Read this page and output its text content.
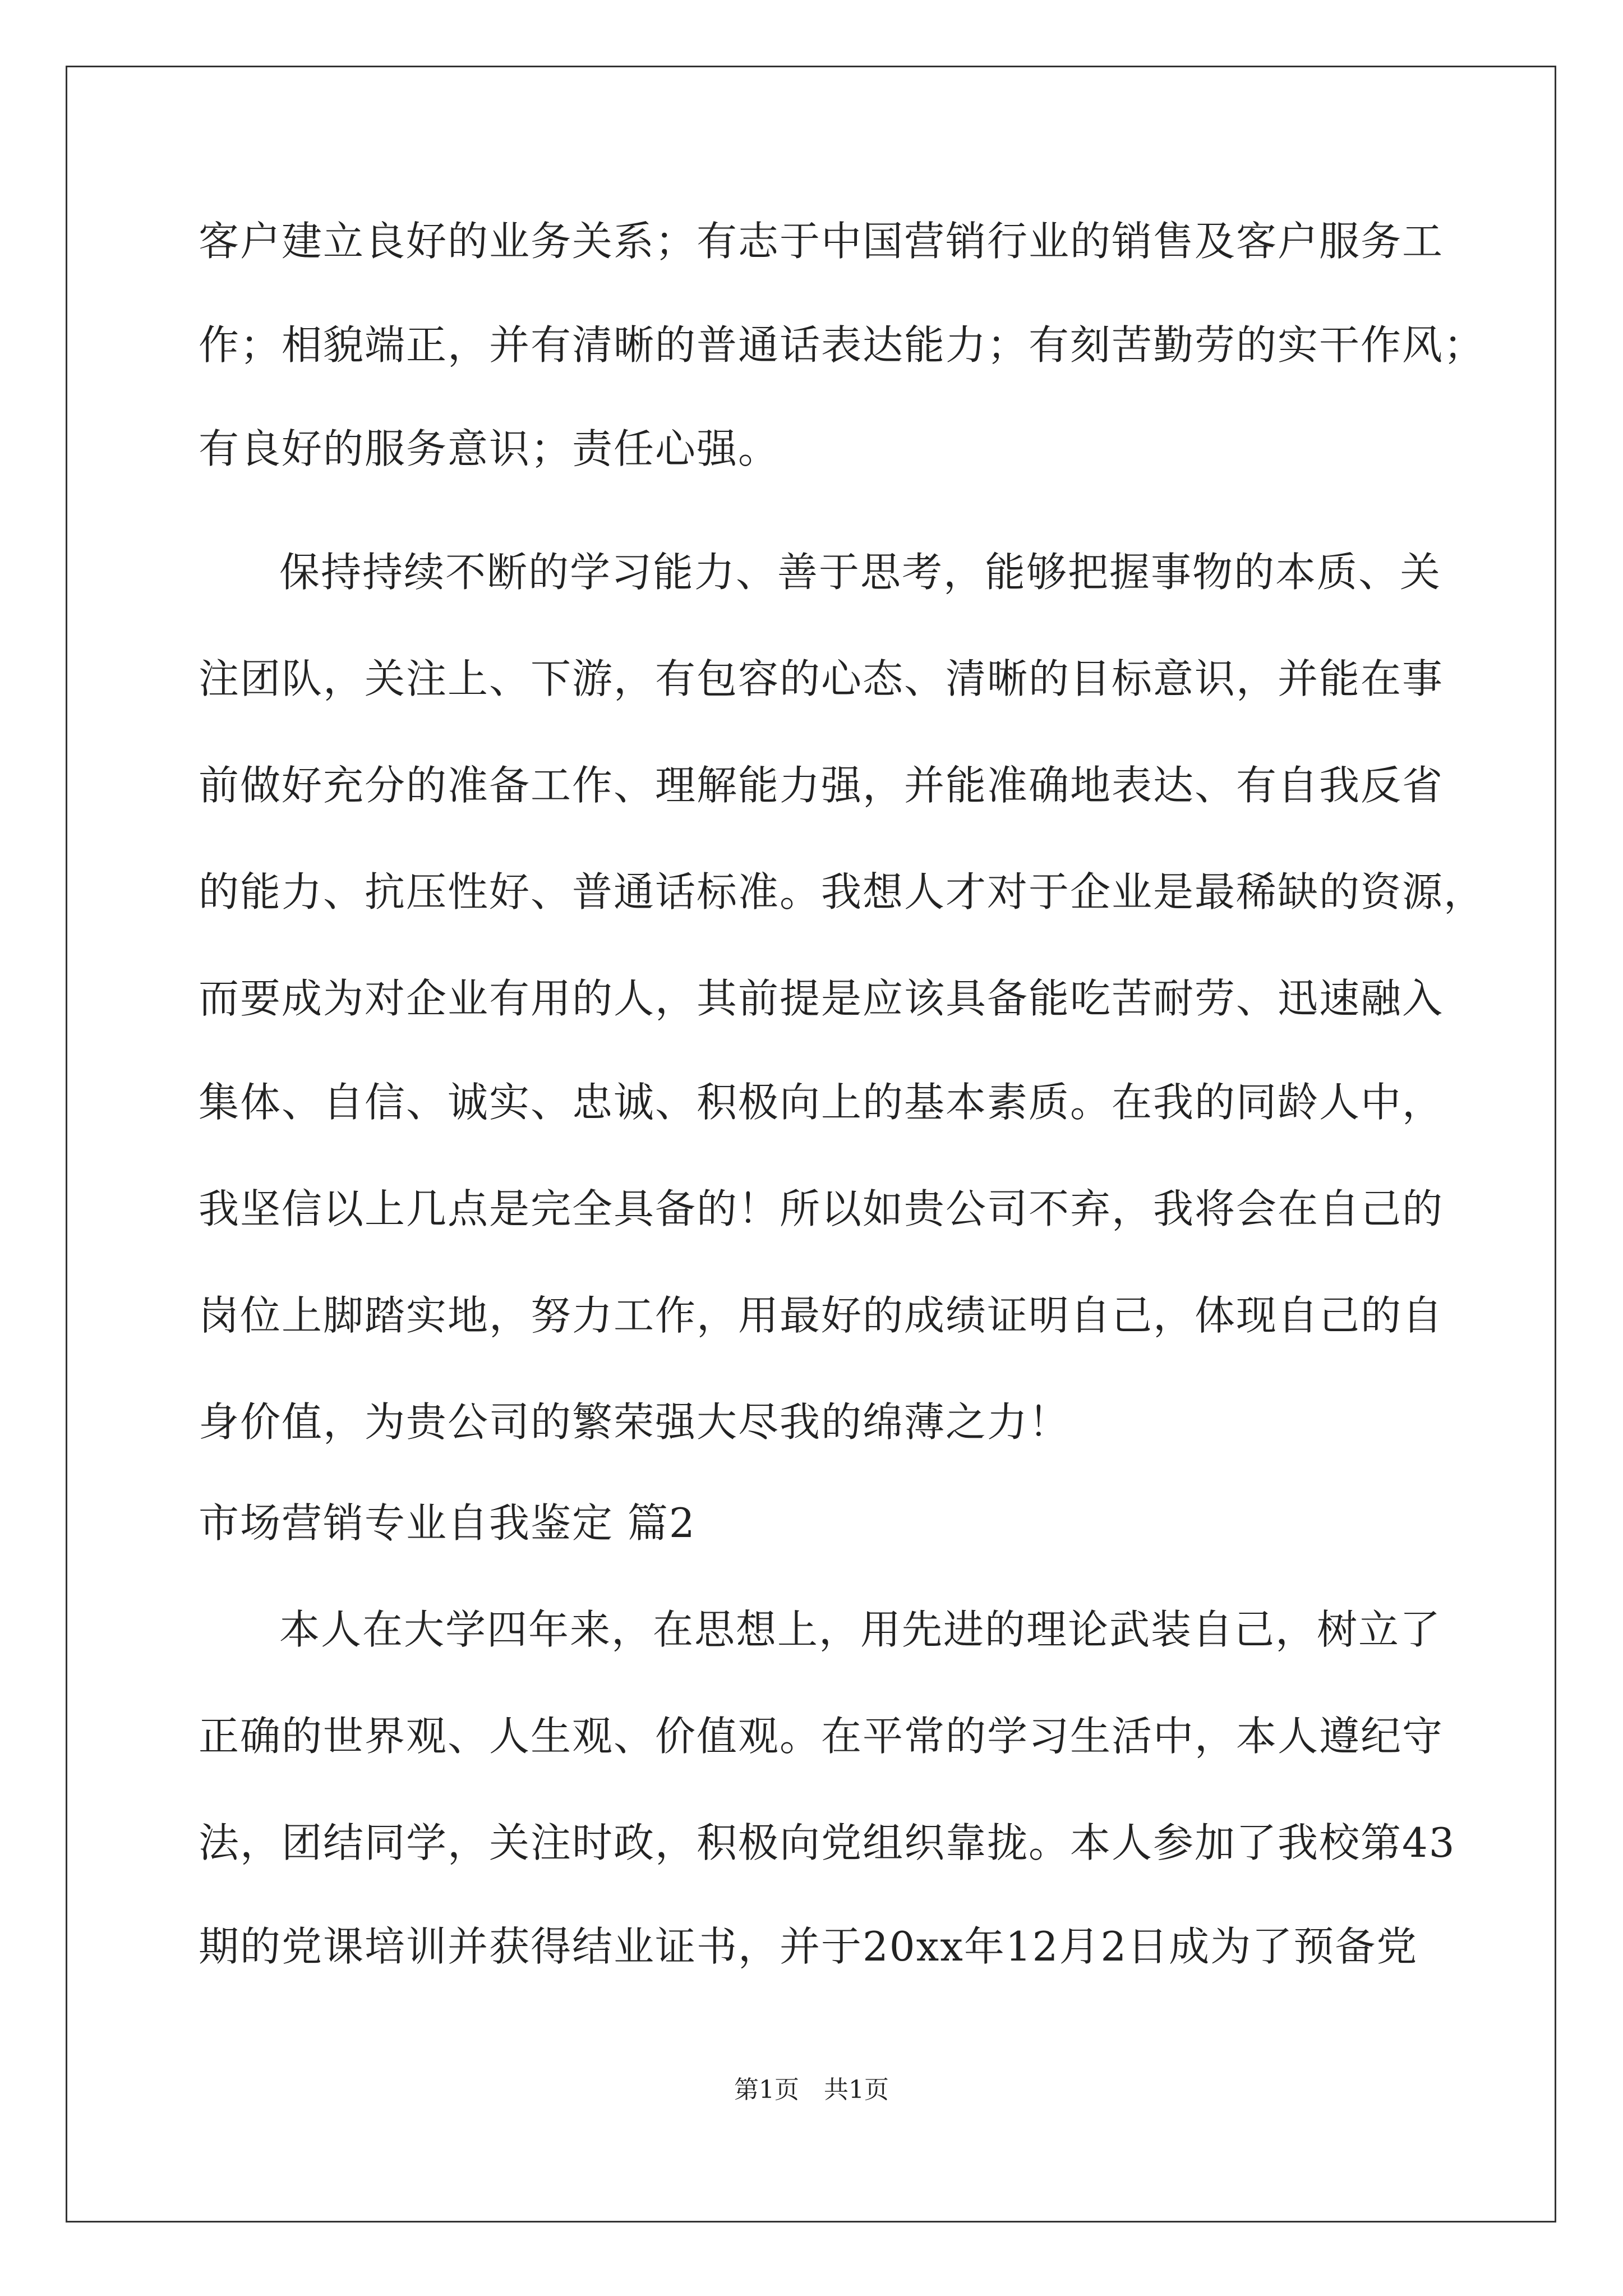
客户建立良好的业务关系；有志于中国营销行业的销售及客户服务工
作；相貌端正，并有清晰的普通话表达能力；有刻苦勤劳的实干作风；
有良好的服务意识；责任心强。
保持持续不断的学习能力、善于思考，能够把握事物的本质、关
注团队，关注上、下游，有包容的心态、清晰的目标意识，并能在事
前做好充分的准备工作、理解能力强，并能准确地表达、有自我反省
的能力、抗压性好、普通话标准。我想人才对于企业是最稀缺的资源，
而要成为对企业有用的人，其前提是应该具备能吃苦耐劳、迅速融入
集体、自信、诚实、忠诚、积极向上的基本素质。在我的同龄人中，
我坚信以上几点是完全具备的！所以如贵公司不弃，我将会在自己的
岗位上脚踏实地，努力工作，用最好的成绩证明自己，体现自己的自
身价值，为贵公司的繁荣强大尽我的绵薄之力！
市场营销专业自我鉴定 篇2
本人在大学四年来，在思想上，用先进的理论武装自己，树立了
正确的世界观、人生观、价值观。在平常的学习生活中，本人遵纪守
法，团结同学，关注时政，积极向党组织靠拢。本人参加了我校第43
期的党课培训并获得结业证书，并于20xx年12月2日成为了预备党
第1页　共1页
